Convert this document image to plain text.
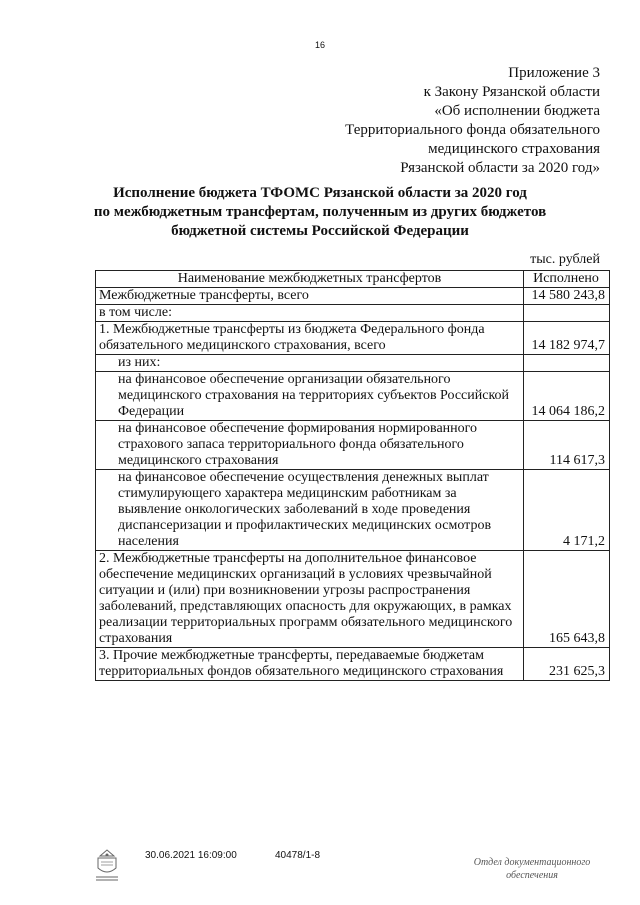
16
Приложение 3
к Закону Рязанской области
«Об исполнении бюджета
Территориального фонда обязательного
медицинского страхования
Рязанской области за 2020 год»
Исполнение бюджета ТФОМС Рязанской области за 2020 год
по межбюджетным трансфертам, полученным из других бюджетов
бюджетной системы Российской Федерации
тыс. рублей
Наименование межбюджетных трансфертов	Исполнено
Межбюджетные трансферты, всего	14 580 243,8
в том числе:	
1. Межбюджетные трансферты из бюджета Федерального фонда обязательного медицинского страхования, всего	14 182 974,7
из них:	
на финансовое обеспечение организации обязательного медицинского страхования на территориях субъектов Российской Федерации	14 064 186,2
на финансовое обеспечение формирования нормированного страхового запаса территориального фонда обязательного медицинского страхования	114 617,3
на финансовое обеспечение осуществления денежных выплат стимулирующего характера медицинским работникам за выявление онкологических заболеваний в ходе проведения диспансеризации и профилактических медицинских осмотров населения	4 171,2
2. Межбюджетные трансферты на дополнительное финансовое обеспечение медицинских организаций в условиях чрезвычайной ситуации и (или) при возникновении угрозы распространения заболеваний, представляющих опасность для окружающих, в рамках реализации территориальных программ обязательного медицинского страхования	165 643,8
3. Прочие межбюджетные трансферты, передаваемые бюджетам территориальных фондов обязательного медицинского страхования	231 625,3
30.06.2021 16:09:00	40478/1-8
Отдел документационного
обеспечения
